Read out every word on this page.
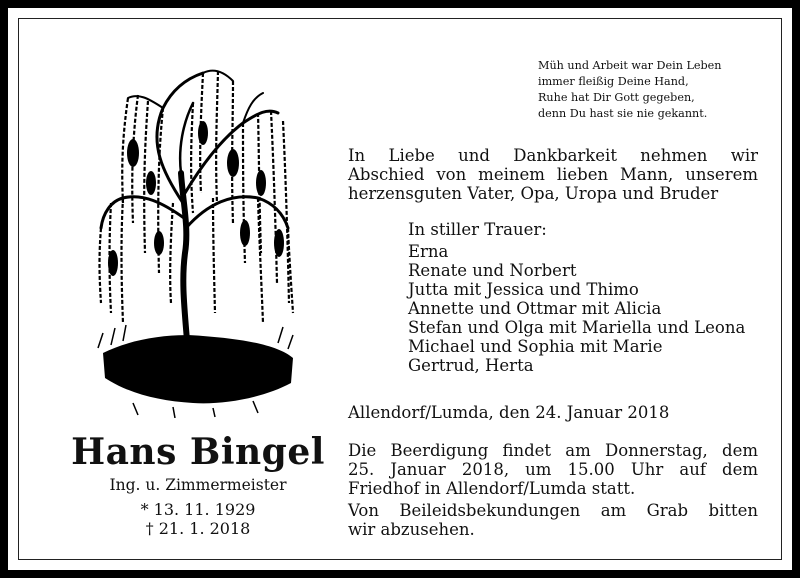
Müh und Arbeit war Dein Leben
immer fleißig Deine Hand,
Ruhe hat Dir Gott gegeben,
denn Du hast sie nie gekannt.
In Liebe und Dankbarkeit nehmen wir
Abschied von meinem lieben Mann, unserem
herzensguten Vater, Opa, Uropa und Bruder
In stiller Trauer:
Erna
Renate und Norbert
Jutta mit Jessica und Thimo
Annette und Ottmar mit Alicia
Stefan und Olga mit Mariella und Leona
Michael und Sophia mit Marie
Gertrud, Herta
Allendorf/Lumda, den 24. Januar 2018
Die Beerdigung findet am Donnerstag, dem
25. Januar 2018, um 15.00 Uhr auf dem
Friedhof in Allendorf/Lumda statt.
Von Beileidsbekundungen am Grab bitten
wir abzusehen.
Hans Bingel
Ing. u. Zimmermeister
* 13. 11. 1929
† 21. 1. 2018
